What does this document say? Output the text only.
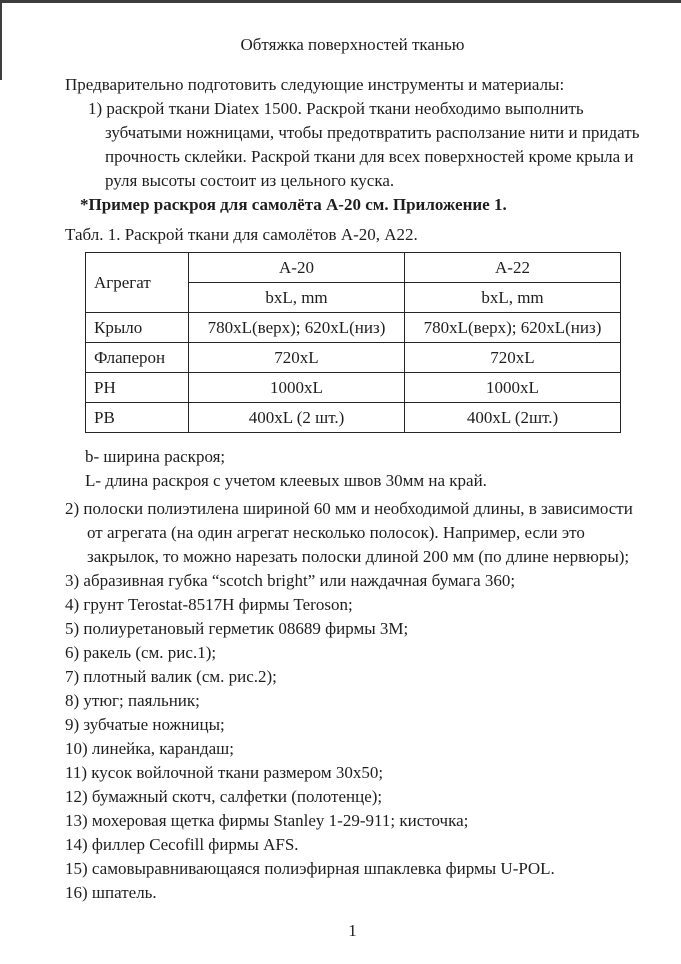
Обтяжка поверхностей тканью

Предварительно подготовить следующие инструменты и материалы:

1) раскрой ткани Diatex 1500. Раскрой ткани необходимо выполнить зубчатыми ножницами, чтобы предотвратить расползание нити и придать прочность склейки. Раскрой ткани для всех поверхностей кроме крыла и руля высоты состоит из цельного куска.

*Пример раскроя для самолёта А-20 см. Приложение 1.

Табл. 1. Раскрой ткани для самолётов А-20, А22.

Агрегат	А-20	А-22
	bxL, mm	bxL, mm
Крыло	780xL(верх); 620xL(низ)	780xL(верх); 620xL(низ)
Флаперон	720xL	720xL
РН	1000xL	1000xL
РВ	400xL (2 шт.)	400xL (2шт.)

b- ширина раскроя;

L- длина раскроя с учетом клеевых швов 30мм на край.

2) полоски полиэтилена шириной 60 мм и необходимой длины, в зависимости от агрегата (на один агрегат несколько полосок). Например, если это закрылок, то можно нарезать полоски длиной 200 мм (по длине нервюры);

3) абразивная губка “scotch bright” или наждачная бумага 360;

4) грунт Terostat-8517H фирмы Teroson;

5) полиуретановый герметик 08689 фирмы 3M;

6) ракель (см. рис.1);

7) плотный валик (см. рис.2);

8) утюг; паяльник;

9) зубчатые ножницы;

10) линейка, карандаш;

11) кусок войлочной ткани размером 30х50;

12) бумажный скотч, салфетки (полотенце);

13) мохеровая щетка фирмы Stanley 1-29-911; кисточка;

14) филлер Cecofill фирмы AFS.

15) самовыравнивающаяся полиэфирная шпаклевка фирмы U-POL.

16) шпатель.

1
